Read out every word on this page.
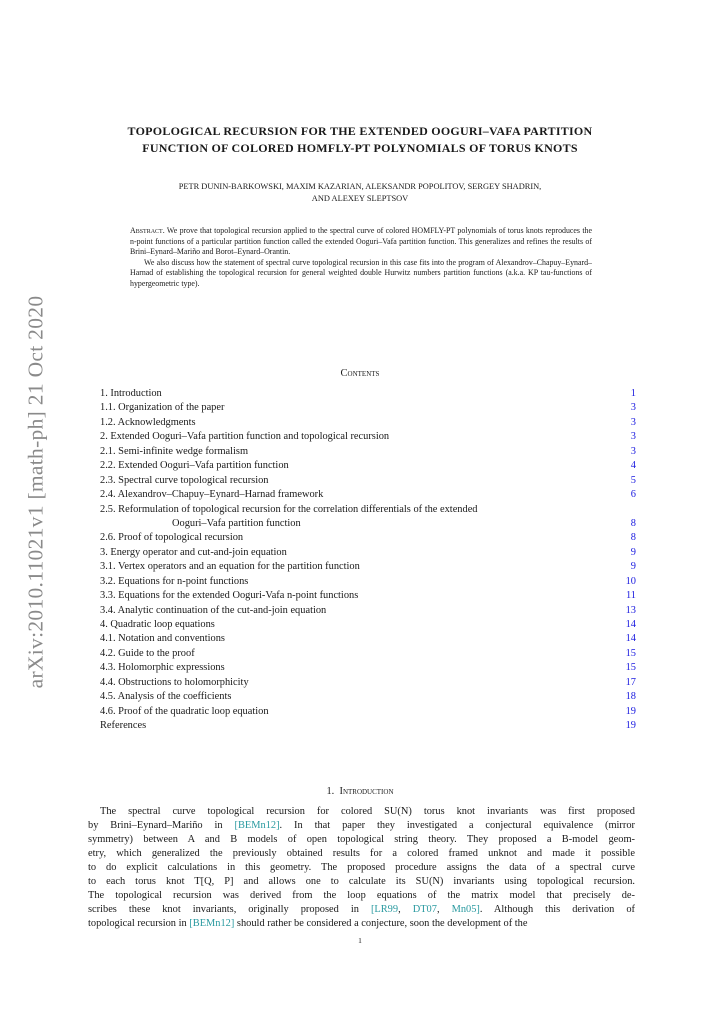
arXiv:2010.11021v1 [math-ph] 21 Oct 2020
TOPOLOGICAL RECURSION FOR THE EXTENDED OOGURI–VAFA PARTITION
FUNCTION OF COLORED HOMFLY-PT POLYNOMIALS OF TORUS KNOTS
PETR DUNIN-BARKOWSKI, MAXIM KAZARIAN, ALEKSANDR POPOLITOV, SERGEY SHADRIN,
AND ALEXEY SLEPTSOV

Abstract. We prove that topological recursion applied to the spectral curve of colored HOMFLY-PT polynomials of torus knots reproduces the n-point functions of a particular partition function called the extended Ooguri–Vafa partition function. This generalizes and refines the results of Brini–Eynard–Mariño and Borot–Eynard–Orantin.

We also discuss how the statement of spectral curve topological recursion in this case fits into the program of Alexandrov–Chapuy–Eynard–Harnad of establishing the topological recursion for general weighted double Hurwitz numbers partition functions (a.k.a. KP tau-functions of hypergeometric type).

Contents
1. Introduction	1
1.1. Organization of the paper	3
1.2. Acknowledgments	3
2. Extended Ooguri–Vafa partition function and topological recursion	3
2.1. Semi-infinite wedge formalism	3
2.2. Extended Ooguri–Vafa partition function	4
2.3. Spectral curve topological recursion	5
2.4. Alexandrov–Chapuy–Eynard–Harnad framework	6
2.5. Reformulation of topological recursion for the correlation differentials of the extended
Ooguri–Vafa partition function	8
2.6. Proof of topological recursion	8
3. Energy operator and cut-and-join equation	9
3.1. Vertex operators and an equation for the partition function	9
3.2. Equations for n-point functions	10
3.3. Equations for the extended Ooguri-Vafa n-point functions	11
3.4. Analytic continuation of the cut-and-join equation	13
4. Quadratic loop equations	14
4.1. Notation and conventions	14
4.2. Guide to the proof	15
4.3. Holomorphic expressions	15
4.4. Obstructions to holomorphicity	17
4.5. Analysis of the coefficients	18
4.6. Proof of the quadratic loop equation	19
References	19
1. Introduction
The spectral curve topological recursion for colored SU(N) torus knot invariants was first proposed
by Brini–Eynard–Mariño in [BEMn12]. In that paper they investigated a conjectural equivalence (mirror
symmetry) between A and B models of open topological string theory. They proposed a B-model geom-
etry, which generalized the previously obtained results for a colored framed unknot and made it possible
to do explicit calculations in this geometry. The proposed procedure assigns the data of a spectral curve
to each torus knot T[Q, P] and allows one to calculate its SU(N) invariants using topological recursion.
The topological recursion was derived from the loop equations of the matrix model that precisely de-
scribes these knot invariants, originally proposed in [LR99, DT07, Mn05]. Although this derivation of
topological recursion in [BEMn12] should rather be considered a conjecture, soon the development of the
1
